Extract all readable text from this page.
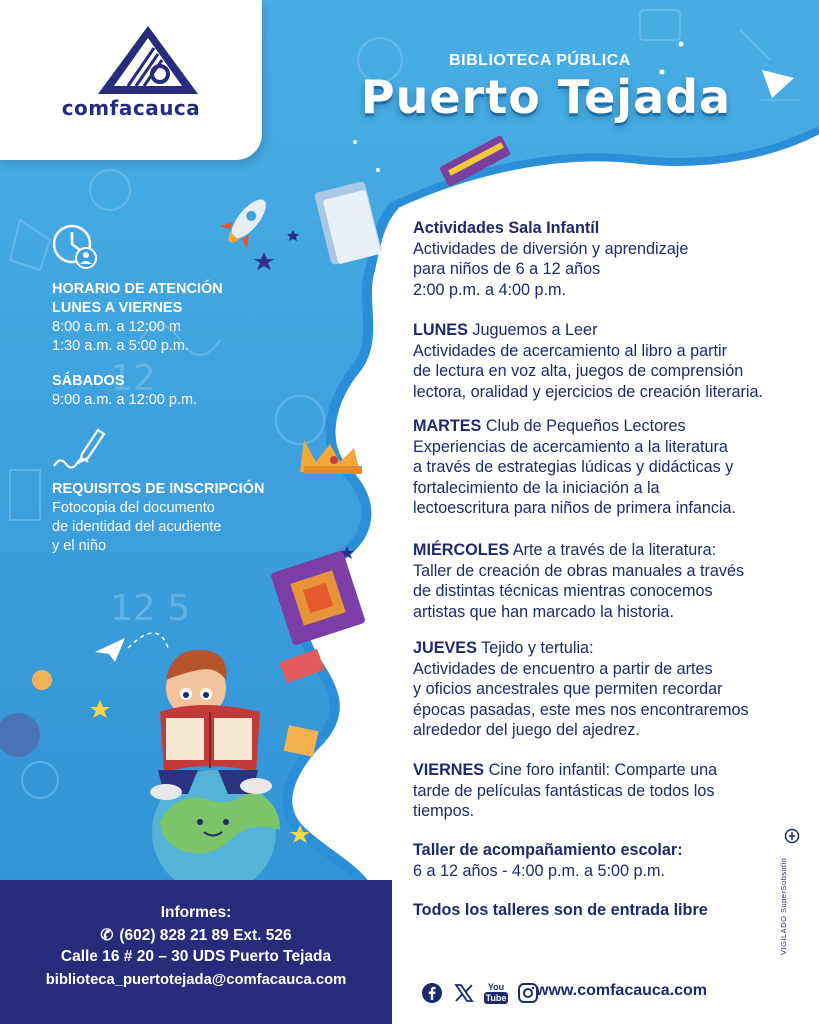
12
12 5
comfacauca
BIBLIOTECA PÚBLICA
Puerto Tejada
HORARIO DE ATENCIÓN
LUNES A VIERNES
8:00 a.m. a 12:00 m
1:30 a.m. a 5:00 p.m.
SÁBADOS
9:00 a.m. a 12:00 p.m.
REQUISITOS DE INSCRIPCIÓN
Fotocopia del documento
de identidad del acudiente
y el niño

Actividades Sala Infantíl

Actividades de diversión y aprendizaje

para niños de 6 a 12 años

2:00 p.m. a 4:00 p.m.

LUNES Juguemos a Leer

Actividades de acercamiento al libro a partir

de lectura en voz alta, juegos de comprensión

lectora, oralidad y ejercicios de creación literaria.

MARTES Club de Pequeños Lectores

Experiencias de acercamiento a la literatura

a través de estrategias lúdicas y didácticas y

fortalecimiento de la iniciación a la

lectoescritura para niños de primera infancia.

MIÉRCOLES Arte a través de la literatura:

Taller de creación de obras manuales a través

de distintas técnicas mientras conocemos

artistas que han marcado la historia.

JUEVES Tejido y tertulia:

Actividades de encuentro a partir de artes

y oficios ancestrales que permiten recordar

épocas pasadas, este mes nos encontraremos

alrededor del juego del ajedrez.

VIERNES Cine foro infantil: Comparte una

tarde de películas fantásticas de todos los

tiempos.

Taller de acompañamiento escolar:

6 a 12 años - 4:00 p.m. a 5:00 p.m.

Todos los talleres son de entrada libre

Informes:
✆ (602) 828 21 89 Ext. 526
Calle 16 # 20 – 30 UDS Puerto Tejada
biblioteca_puertotejada@comfacauca.com	You
Tube www.comfacauca.com
VIGILADO SuperSubsidio
